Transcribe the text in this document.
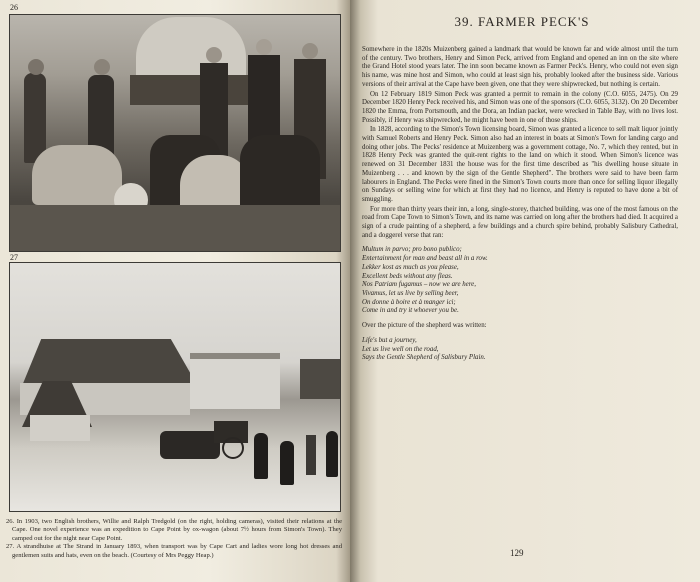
26
27

26. In 1903, two English brothers, Willie and Ralph Tredgold (on the right, holding cameras), visited their relations at the Cape. One novel experience was an expedition to Cape Point by ox-wagon (about 7½ hours from Simon's Town). They camped out for the night near Cape Point.

27. A strandhuise at The Strand in January 1893, when transport was by Cape Cart and ladies wore long hot dresses and gentlemen suits and hats, even on the beach. (Courtesy of Mrs Peggy Heap.)

39. FARMER PECK'S

Somewhere in the 1820s Muizenberg gained a landmark that would be known far and wide almost until the turn of the century. Two brothers, Henry and Simon Peck, arrived from England and opened an inn on the site where the Grand Hotel stood years later. The inn soon became known as Farmer Peck's. Henry, who could not even sign his name, was mine host and Simon, who could at least sign his, probably looked after the business side. Various versions of their arrival at the Cape have been given, one that they were shipwrecked, but nothing is certain.

On 12 February 1819 Simon Peck was granted a permit to remain in the colony (C.O. 6055, 2475). On 29 December 1820 Henry Peck received his, and Simon was one of the sponsors (C.O. 6055, 3132). On 20 December 1820 the Emma, from Portsmouth, and the Dora, an Indian packet, were wrecked in Table Bay, with no lives lost. Possibly, if Henry was shipwrecked, he might have been in one of those ships.

In 1828, according to the Simon's Town licensing board, Simon was granted a licence to sell malt liquor jointly with Samuel Roberts and Henry Peck. Simon also had an interest in boats at Simon's Town for landing cargo and doing other jobs. The Pecks' residence at Muizenberg was a government cottage, No. 7, which they rented, but in 1828 Henry Peck was granted the quit-rent rights to the land on which it stood. When Simon's licence was renewed on 31 December 1831 the house was for the first time described as "his dwelling house situate in Muizenberg . . . and known by the sign of the Gentle Shepherd". The brothers were said to have been farm labourers in England. The Pecks were fined in the Simon's Town courts more than once for selling liquor illegally on Sundays or selling wine for which at first they had no licence, and Henry is reputed to have done a bit of smuggling.

For more than thirty years their inn, a long, single-storey, thatched building, was one of the most famous on the road from Cape Town to Simon's Town, and its name was carried on long after the brothers had died. It acquired a sign of a crude painting of a shepherd, a few buildings and a church spire behind, probably Salisbury Cathedral, and a doggerel verse that ran:

Multum in parvo; pro bono publico;
Entertainment for man and beast all in a row.
Lekker kost as much as you please,
Excellent beds without any fleas.
Nos Patriam fugamus – now we are here,
Vivamus, let us live by selling beer,
On donne à boire et à manger ici;
Come in and try it whoever you be.

Over the picture of the shepherd was written:

Life's but a journey,
Let us live well on the road,
Says the Gentle Shepherd of Salisbury Plain.
129
